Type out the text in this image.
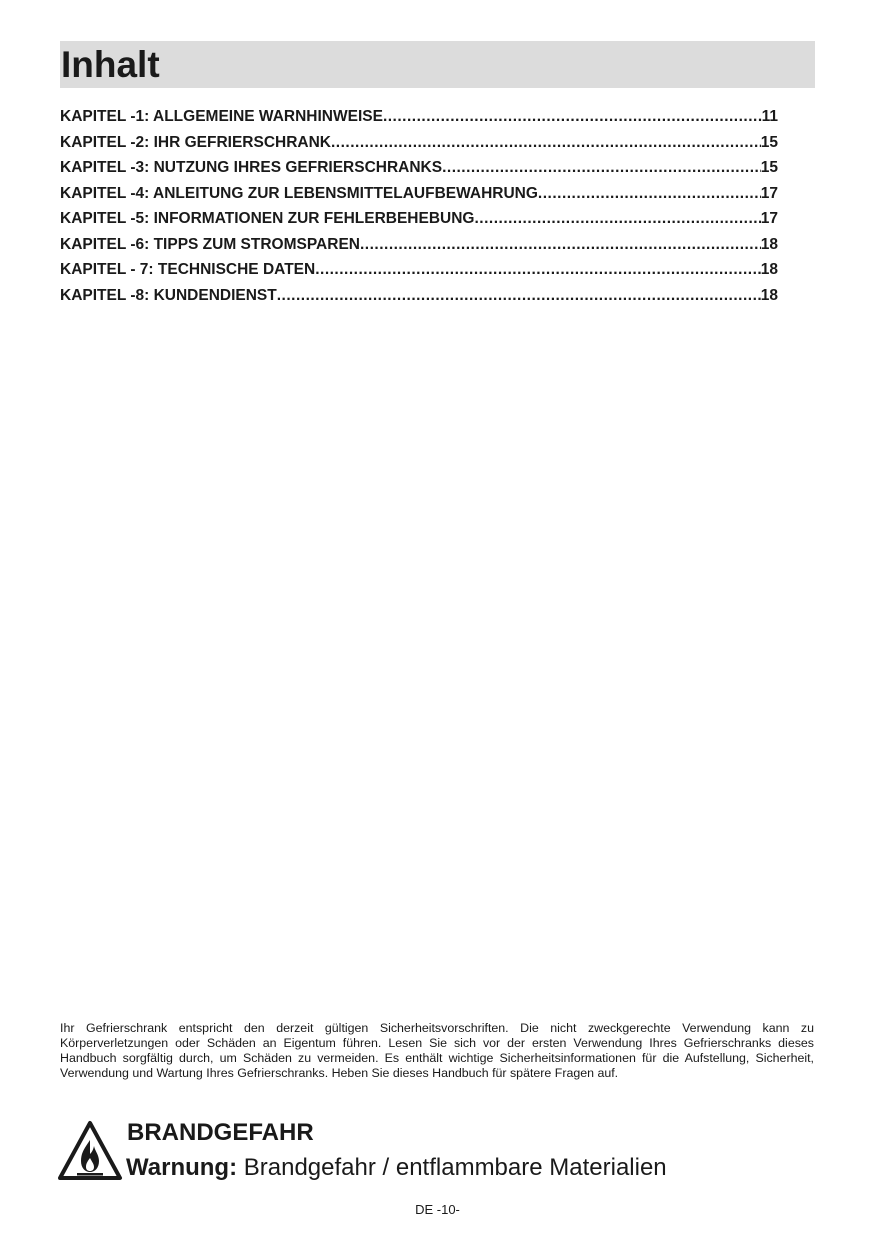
Inhalt
KAPITEL -1: ALLGEMEINE WARNHINWEISE .....	11
KAPITEL -2: IHR GEFRIERSCHRANK .....	15
KAPITEL -3: NUTZUNG IHRES GEFRIERSCHRANKS .....	15
KAPITEL -4: ANLEITUNG ZUR LEBENSMITTELAUFBEWAHRUNG .....	17
KAPITEL -5: INFORMATIONEN ZUR FEHLERBEHEBUNG .....	17
KAPITEL -6: TIPPS ZUM STROMSPAREN .....	18
KAPITEL - 7: TECHNISCHE DATEN .....	18
KAPITEL -8: KUNDENDIENST .....	18

Ihr Gefrierschrank entspricht den derzeit gültigen Sicherheitsvorschriften. Die nicht zweckgerechte Verwendung kann zu Körperverletzungen oder Schäden an Eigentum führen. Lesen Sie sich vor der ersten Verwendung Ihres Gefrierschranks dieses Handbuch sorgfältig durch, um Schäden zu vermeiden. Es enthält wichtige Sicherheitsinformationen für die Aufstellung, Sicherheit, Verwendung und Wartung Ihres Gefrierschranks. Heben Sie dieses Handbuch für spätere Fragen auf.

BRANDGEFAHR
Warnung: Brandgefahr / entflammbare Materialien
DE -10-
